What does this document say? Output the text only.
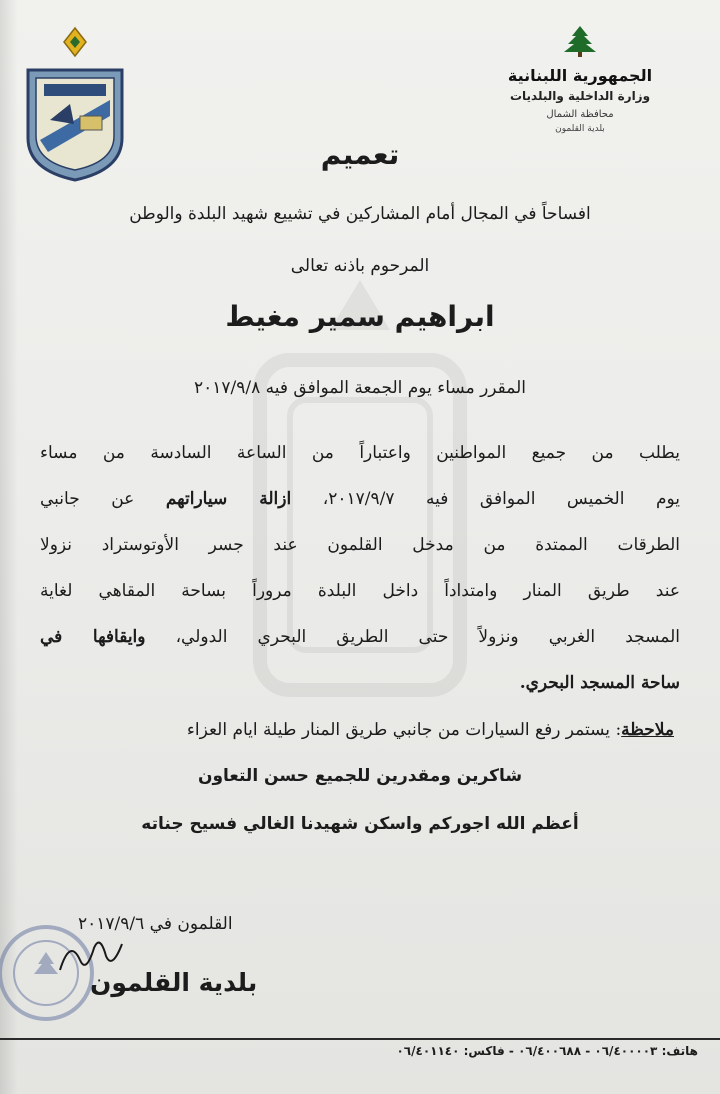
الجمهورية اللبنانية
وزارة الداخلية والبلديات
محافظة الشمال
بلدية القلمون
تعميم
افساحاً في المجال أمام المشاركين في تشييع شهيد البلدة والوطن
المرحوم باذنه تعالى
ابراهيم سمير مغيط
المقرر مساء يوم الجمعة الموافق فيه ٢٠١٧/٩/٨
يطلب من جميع المواطنين واعتباراً من الساعة السادسة من مساء
يوم الخميس الموافق فيه ٢٠١٧/٩/٧، ازالة سياراتهم عن جانبي
الطرقات الممتدة من مدخل القلمون عند جسر الأوتوستراد نزولا
عند طريق المنار وامتداداً داخل البلدة مروراً بساحة المقاهي لغاية
المسجد الغربي ونزولاً حتى الطريق البحري الدولي، وايقافها في
ساحة المسجد البحري.
ملاحظة: يستمر رفع السيارات من جانبي طريق المنار طيلة ايام العزاء
شاكرين ومقدرين للجميع حسن التعاون
أعظم الله اجوركم واسكن شهيدنا الغالي فسيح جناته
القلمون في ٢٠١٧/٩/٦
بلدية القلمون
هاتف: ٠٦/٤٠٠٠٠٣ - ٠٦/٤٠٠٦٨٨ - فاكس: ٠٦/٤٠١١٤٠
